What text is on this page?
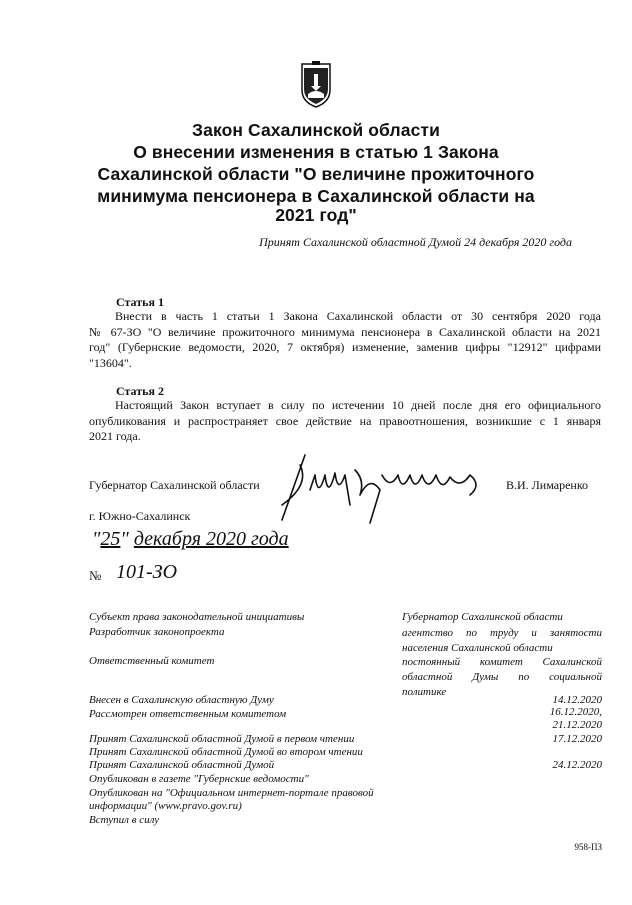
Закон Сахалинской области
О внесении изменения в статью 1 Закона
Сахалинской области "О величине прожиточного
минимума пенсионера в Сахалинской области на
2021 год"
Принят Сахалинской областной Думой 24 декабря 2020 года
Статья 1
Внести в часть 1 статьи 1 Закона Сахалинской области от 30 сентября 2020 года
№ 67-ЗО "О величине прожиточного минимума пенсионера в Сахалинской области на 2021
год" (Губернские ведомости, 2020, 7 октября) изменение, заменив цифры "12912" цифрами
"13604".
Статья 2
Настоящий Закон вступает в силу по истечении 10 дней после дня его официального
опубликования и распространяет свое действие на правоотношения, возникшие с 1 января
2021 года.
Губернатор Сахалинской области	В.И. Лимаренко
г. Южно-Сахалинск
"25" декабря 2020 года
№ 101-ЗО
Субъект права законодательной инициативы	Губернатор Сахалинской области
Разработчик законопроекта	агентство по труду и занятости
населения Сахалинской области
Ответственный комитет	постоянный комитет Сахалинской
областной Думы по социальной
политике
Внесен в Сахалинскую областную Думу	14.12.2020
Рассмотрен ответственным комитетом	16.12.2020,
21.12.2020
Принят Сахалинской областной Думой в первом чтении	17.12.2020
Принят Сахалинской областной Думой во втором чтении
Принят Сахалинской областной Думой	24.12.2020
Опубликован в газете "Губернские ведомости"
Опубликован на "Официальном интернет-портале правовой
информации" (www.pravo.gov.ru)
Вступил в силу
958-ПЗ
